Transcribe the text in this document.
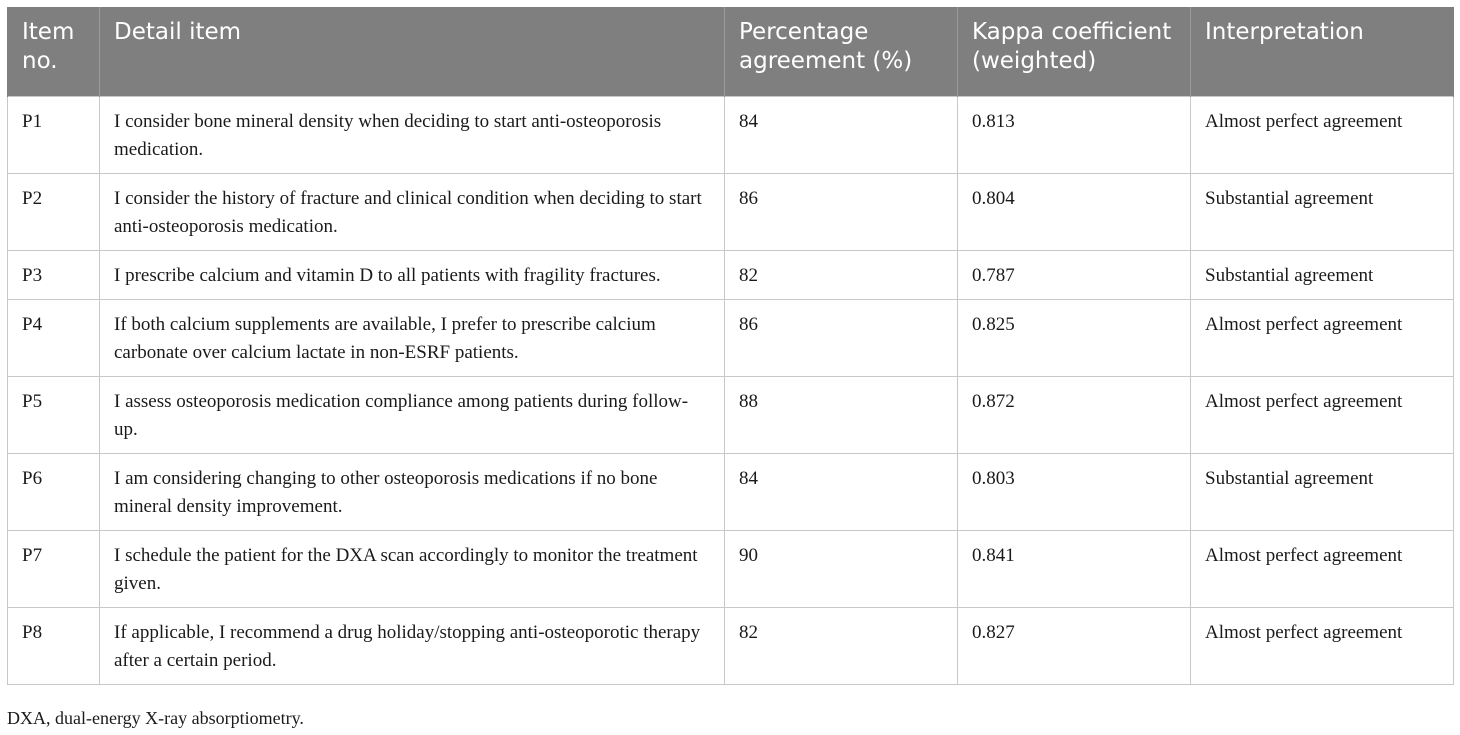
Item no.	Detail item	Percentage agreement (%)	Kappa coefficient (weighted)	Interpretation
P1	I consider bone mineral density when deciding to start anti-osteoporosis medication.	84	0.813	Almost perfect agreement
P2	I consider the history of fracture and clinical condition when deciding to start anti-osteoporosis medication.	86	0.804	Substantial agreement
P3	I prescribe calcium and vitamin D to all patients with fragility fractures.	82	0.787	Substantial agreement
P4	If both calcium supplements are available, I prefer to prescribe calcium carbonate over calcium lactate in non-ESRF patients.	86	0.825	Almost perfect agreement
P5	I assess osteoporosis medication compliance among patients during follow-up.	88	0.872	Almost perfect agreement
P6	I am considering changing to other osteoporosis medications if no bone mineral density improvement.	84	0.803	Substantial agreement
P7	I schedule the patient for the DXA scan accordingly to monitor the treatment given.	90	0.841	Almost perfect agreement
P8	If applicable, I recommend a drug holiday/stopping anti-osteoporotic therapy after a certain period.	82	0.827	Almost perfect agreement
DXA, dual-energy X-ray absorptiometry.
